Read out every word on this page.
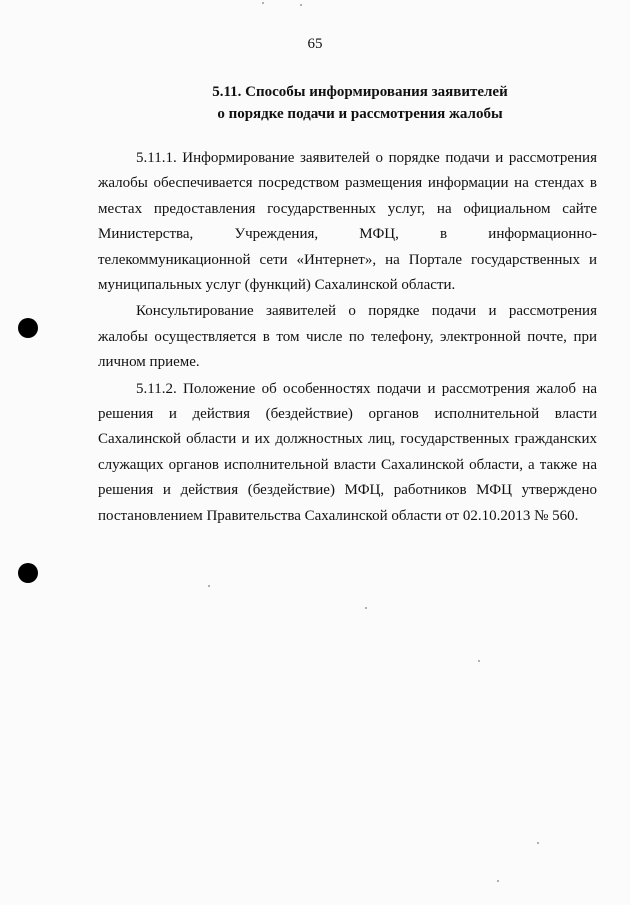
65
5.11. Способы информирования заявителей
о порядке подачи и рассмотрения жалобы

5.11.1. Информирование заявителей о порядке подачи и рассмотрения жалобы обеспечивается посредством размещения информации на стендах в местах предоставления государственных услуг, на официальном сайте Министерства, Учреждения, МФЦ, в информационно-телекоммуникационной сети «Интернет», на Портале государственных и муниципальных услуг (функций) Сахалинской области.

Консультирование заявителей о порядке подачи и рассмотрения жалобы осуществляется в том числе по телефону, электронной почте, при личном приеме.

5.11.2. Положение об особенностях подачи и рассмотрения жалоб на решения и действия (бездействие) органов исполнительной власти Сахалинской области и их должностных лиц, государственных гражданских служащих органов исполнительной власти Сахалинской области, а также на решения и действия (бездействие) МФЦ, работников МФЦ утверждено постановлением Правительства Сахалинской области от 02.10.2013 № 560.
